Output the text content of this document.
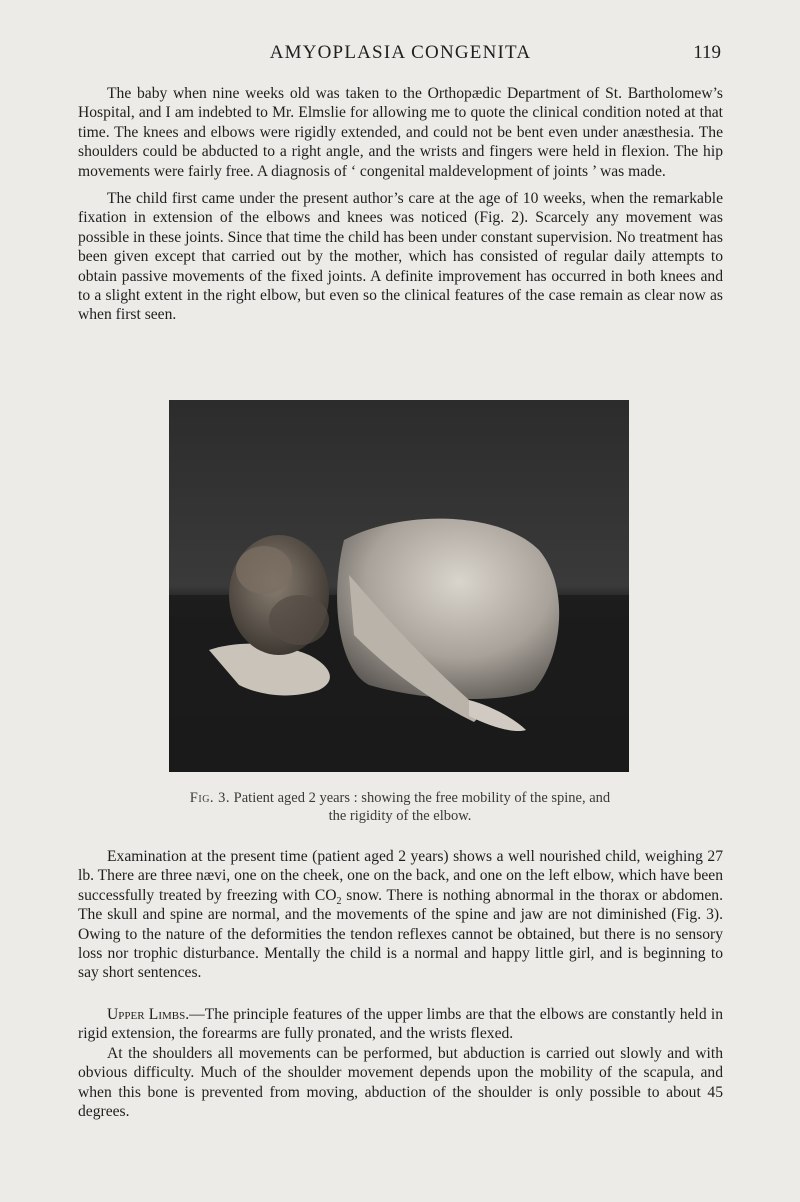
AMYOPLASIA CONGENITA	119

The baby when nine weeks old was taken to the Orthopædic Department of St. Bartholomew’s Hospital, and I am indebted to Mr. Elmslie for allowing me to quote the clinical condition noted at that time. The knees and elbows were rigidly extended, and could not be bent even under anæsthesia. The shoulders could be abducted to a right angle, and the wrists and fingers were held in flexion. The hip movements were fairly free. A diagnosis of ‘ congenital maldevelopment of joints ’ was made.

The child first came under the present author’s care at the age of 10 weeks, when the remarkable fixation in extension of the elbows and knees was noticed (Fig. 2). Scarcely any movement was possible in these joints. Since that time the child has been under constant supervision. No treatment has been given except that carried out by the mother, which has consisted of regular daily attempts to obtain passive movements of the fixed joints. A definite improvement has occurred in both knees and to a slight extent in the right elbow, but even so the clinical features of the case remain as clear now as when first seen.

Fig. 3. Patient aged 2 years : showing the free mobility of the spine, and the rigidity of the elbow.

Examination at the present time (patient aged 2 years) shows a well nourished child, weighing 27 lb. There are three nævi, one on the cheek, one on the back, and one on the left elbow, which have been successfully treated by freezing with $CO_2$ snow. There is nothing abnormal in the thorax or abdomen. The skull and spine are normal, and the movements of the spine and jaw are not diminished (Fig. 3). Owing to the nature of the deformities the tendon reflexes cannot be obtained, but there is no sensory loss nor trophic disturbance. Mentally the child is a normal and happy little girl, and is beginning to say short sentences.

Upper Limbs.—The principle features of the upper limbs are that the elbows are constantly held in rigid extension, the forearms are fully pronated, and the wrists flexed.

At the shoulders all movements can be performed, but abduction is carried out slowly and with obvious difficulty. Much of the shoulder movement depends upon the mobility of the scapula, and when this bone is prevented from moving, abduction of the shoulder is only possible to about 45 degrees.
